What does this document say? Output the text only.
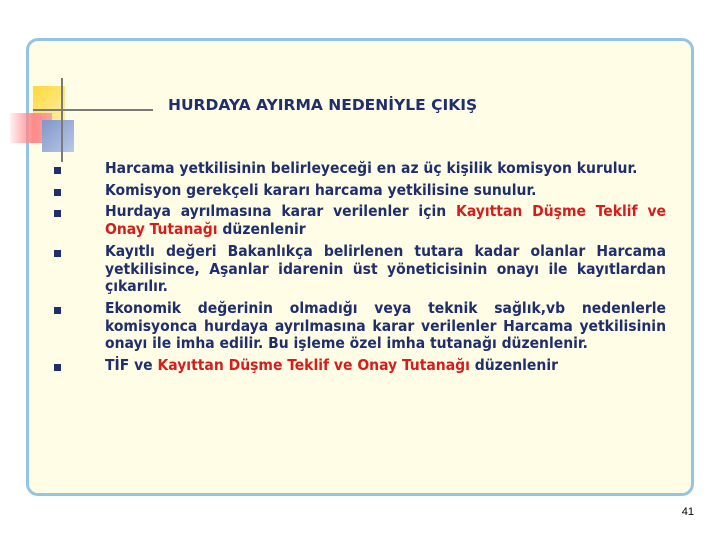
HURDAYA AYIRMA NEDENİYLE ÇIKIŞ
Harcama yetkilisinin belirleyeceği en az üç kişilik komisyon kurulur.
Komisyon gerekçeli kararı harcama yetkilisine sunulur.
Hurdaya ayrılmasına karar verilenler için Kayıttan Düşme Teklif ve Onay Tutanağı düzenlenir
Kayıtlı değeri Bakanlıkça belirlenen tutara kadar olanlar Harcama yetkilisince, Aşanlar idarenin üst yöneticisinin onayı ile kayıtlardan çıkarılır.
Ekonomik değerinin olmadığı veya teknik sağlık,vb nedenlerle komisyonca hurdaya ayrılmasına karar verilenler Harcama yetkilisinin onayı ile imha edilir. Bu işleme özel imha tutanağı düzenlenir.
TİF ve Kayıttan Düşme Teklif ve Onay Tutanağı düzenlenir
41
